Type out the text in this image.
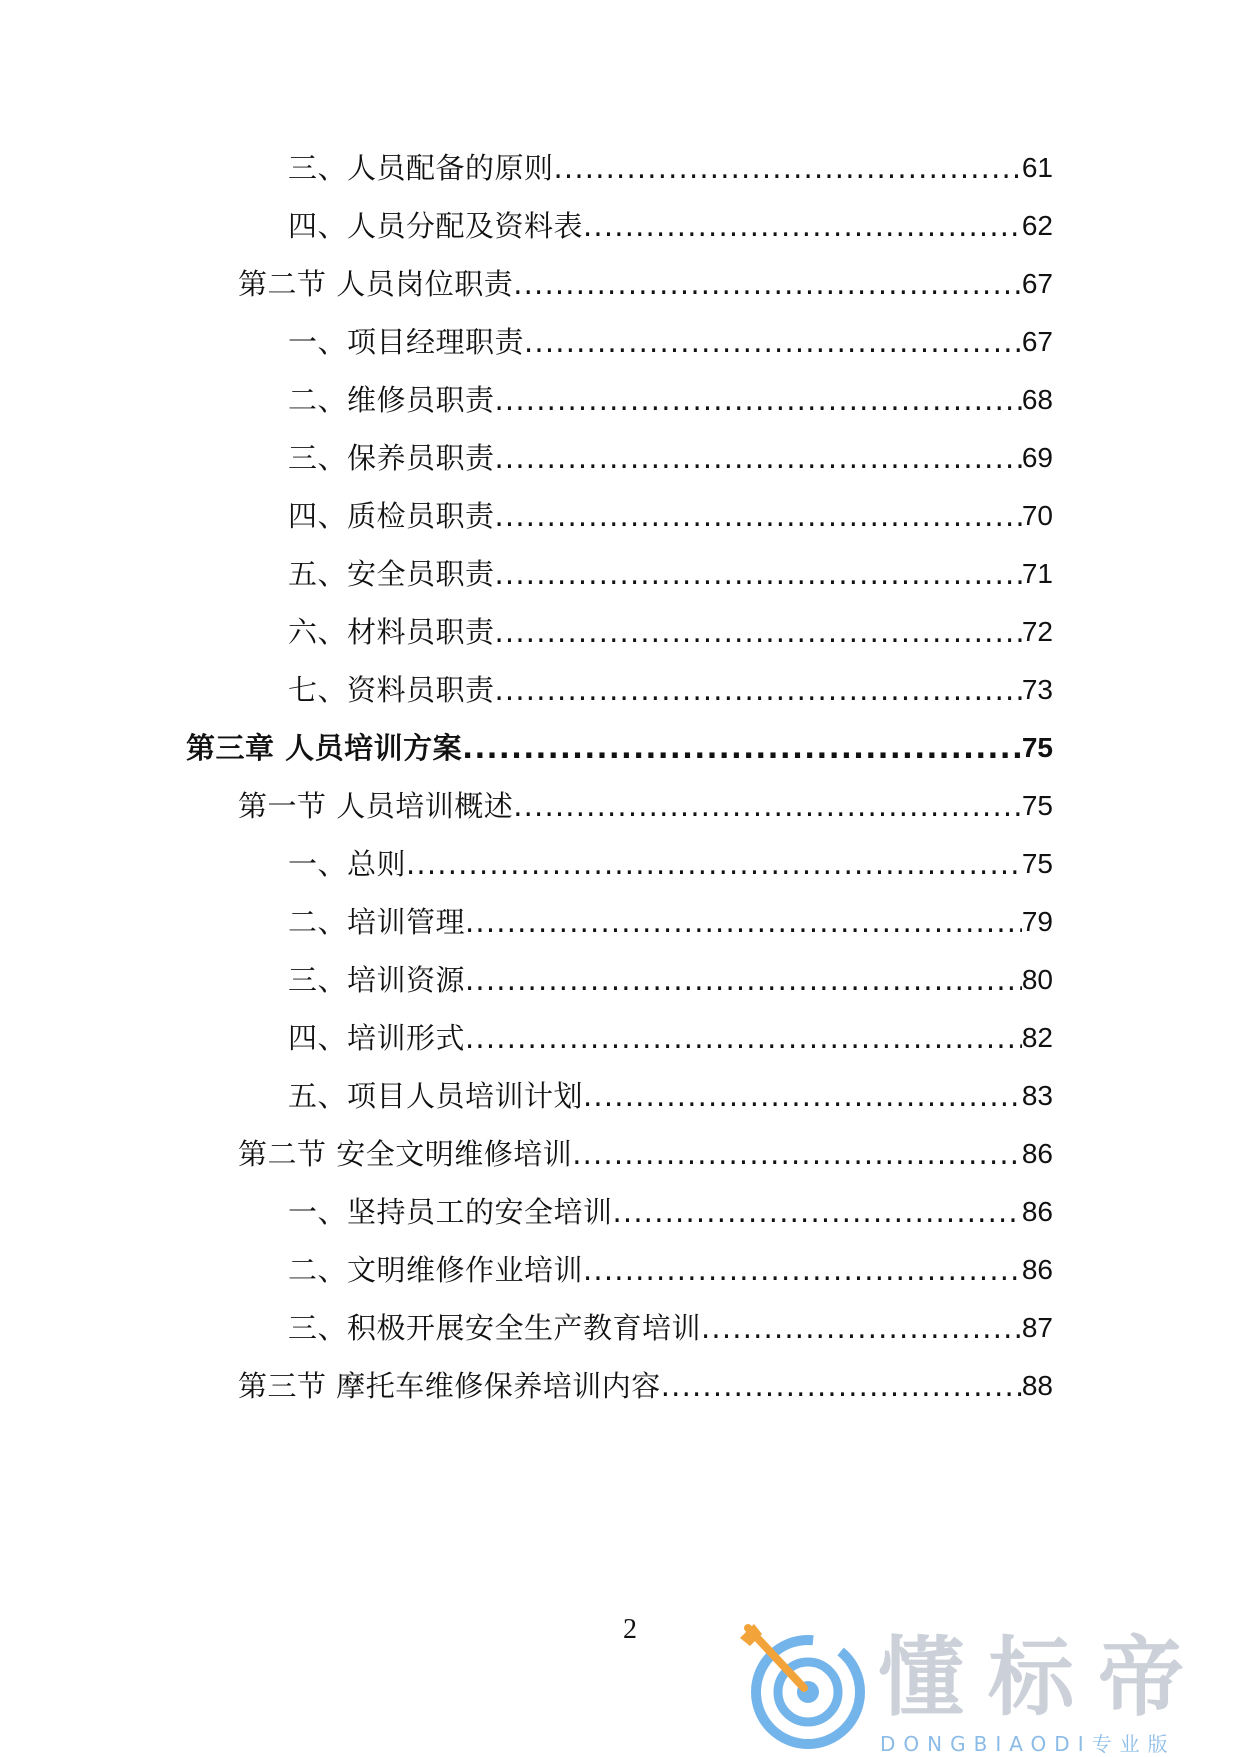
三、人员配备的原则 .....	61
四、人员分配及资料表 .....	62
第二节 人员岗位职责 .....	67
一、项目经理职责 .....	67
二、维修员职责 .....	68
三、保养员职责 .....	69
四、质检员职责 .....	70
五、安全员职责 .....	71
六、材料员职责 .....	72
七、资料员职责 .....	73
第三章 人员培训方案 .....	75
第一节 人员培训概述 .....	75
一、总则 .....	75
二、培训管理 .....	79
三、培训资源 .....	80
四、培训形式 .....	82
五、项目人员培训计划 .....	83
第二节 安全文明维修培训 .....	86
一、坚持员工的安全培训 .....	86
二、文明维修作业培训 .....	86
三、积极开展安全生产教育培训 .....	87
第三节 摩托车维修保养培训内容 .....	88
2	懂标帝
DONGBIAODI专业版
